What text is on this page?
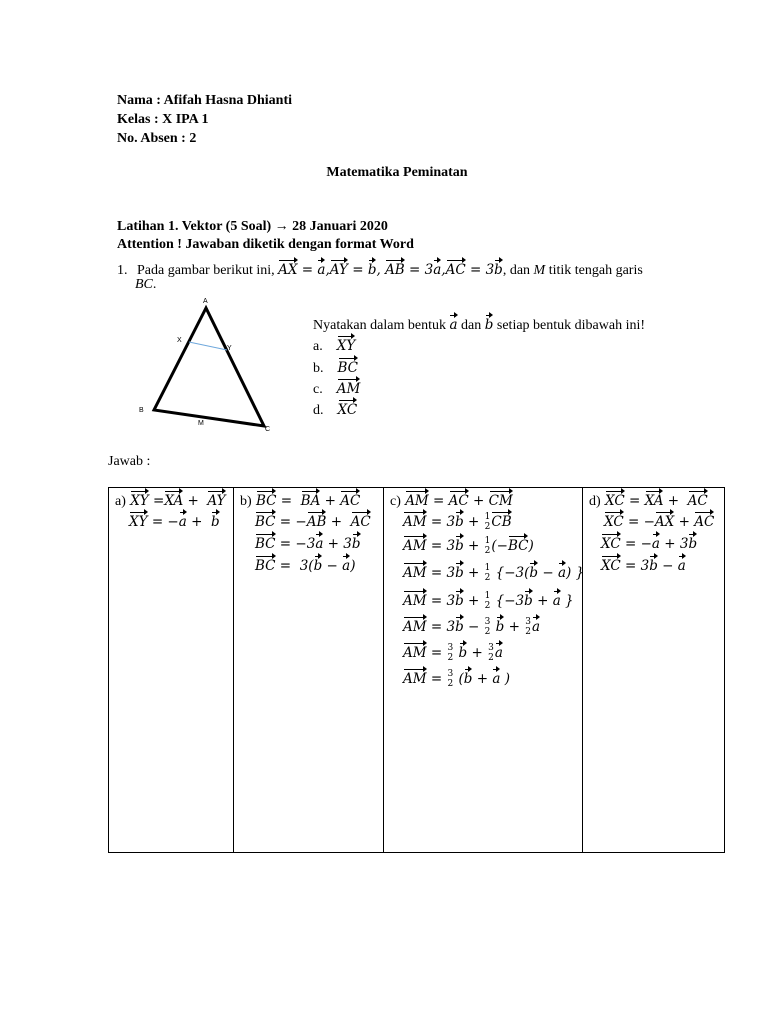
Nama : Afifah Hasna Dhianti
Kelas : X IPA 1
No. Absen : 2
Matematika Peminatan
Latihan 1. Vektor (5 Soal) → 28 Januari 2020
Attention ! Jawaban diketik dengan format Word
1. Pada gambar berikut ini, AX = a,AY = b, AB = 3a,AC = 3b, dan M titik tengah garis
BC.
A
X
Y
B
M
C
Nyatakan dalam bentuk a dan b setiap bentuk dibawah ini!
a. XY
b. BC
c. AM
d. XC
Jawab :
a) XY =XA +  AY
XY = −a +  b

b) BC =  BA + AC
BC = −AB +  AC
BC = −3a + 3b
BC =  3(b − a)

c) AM = AC + CM
AM = 3b + 1
2 CB
AM = 3b + 1
2 (−BC)
AM = 3b + 1
2 {−3(b − a) }
AM = 3b + 1
2 {−3b + a }
AM = 3b − 3
2 b + 3
2 a
AM = 3
2 b + 3
2 a
AM = 3
2 (b + a )

d) XC = XA +  AC
XC = −AX + AC
XC = −a + 3b
XC = 3b − a
